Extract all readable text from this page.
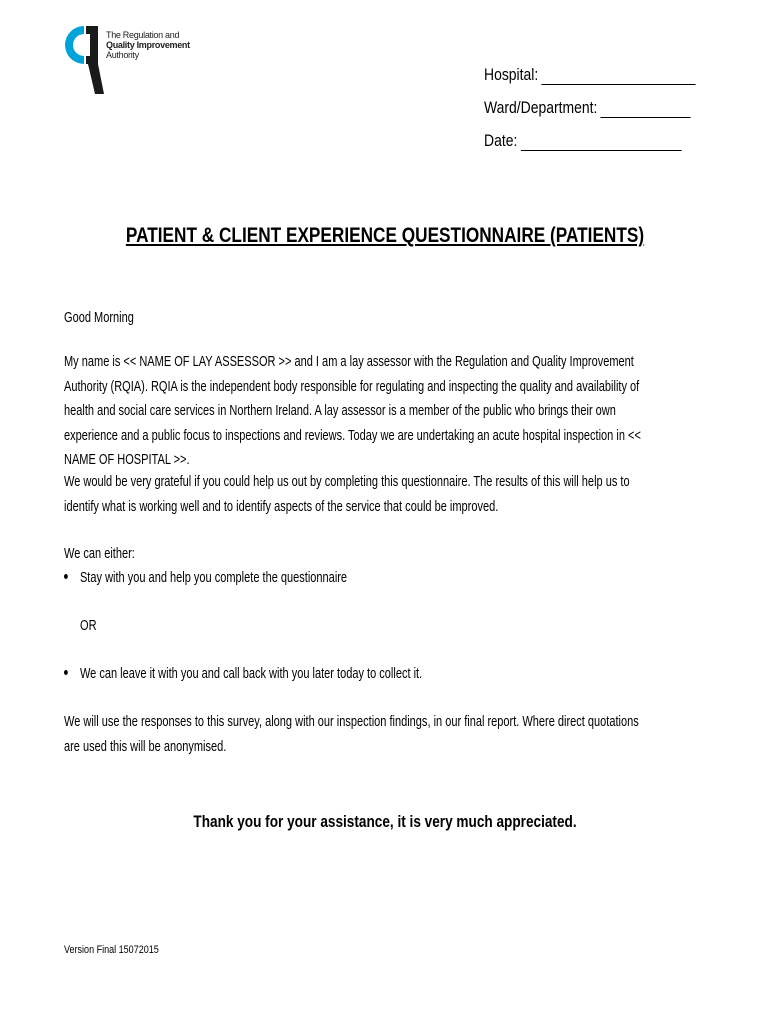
The Regulation and
Quality Improvement
Authority
Hospital:
Ward/Department:
Date:
PATIENT & CLIENT EXPERIENCE QUESTIONNAIRE (PATIENTS)

Good Morning

My name is << NAME OF LAY ASSESSOR >> and I am a lay assessor with the Regulation and Quality Improvement Authority (RQIA). RQIA is the independent body responsible for regulating and inspecting the quality and availability of health and social care services in Northern Ireland. A lay assessor is a member of the public who brings their own experience and a public focus to inspections and reviews. Today we are undertaking an acute hospital inspection in << NAME OF HOSPITAL >>.

We would be very grateful if you could help us out by completing this questionnaire. The results of this will help us to identify what is working well and to identify aspects of the service that could be improved.

We can either:

Stay with you and help you complete the questionnaire

OR

We can leave it with you and call back with you later today to collect it.

We will use the responses to this survey, along with our inspection findings, in our final report. Where direct quotations are used this will be anonymised.

Thank you for your assistance, it is very much appreciated.
Version Final 15072015
